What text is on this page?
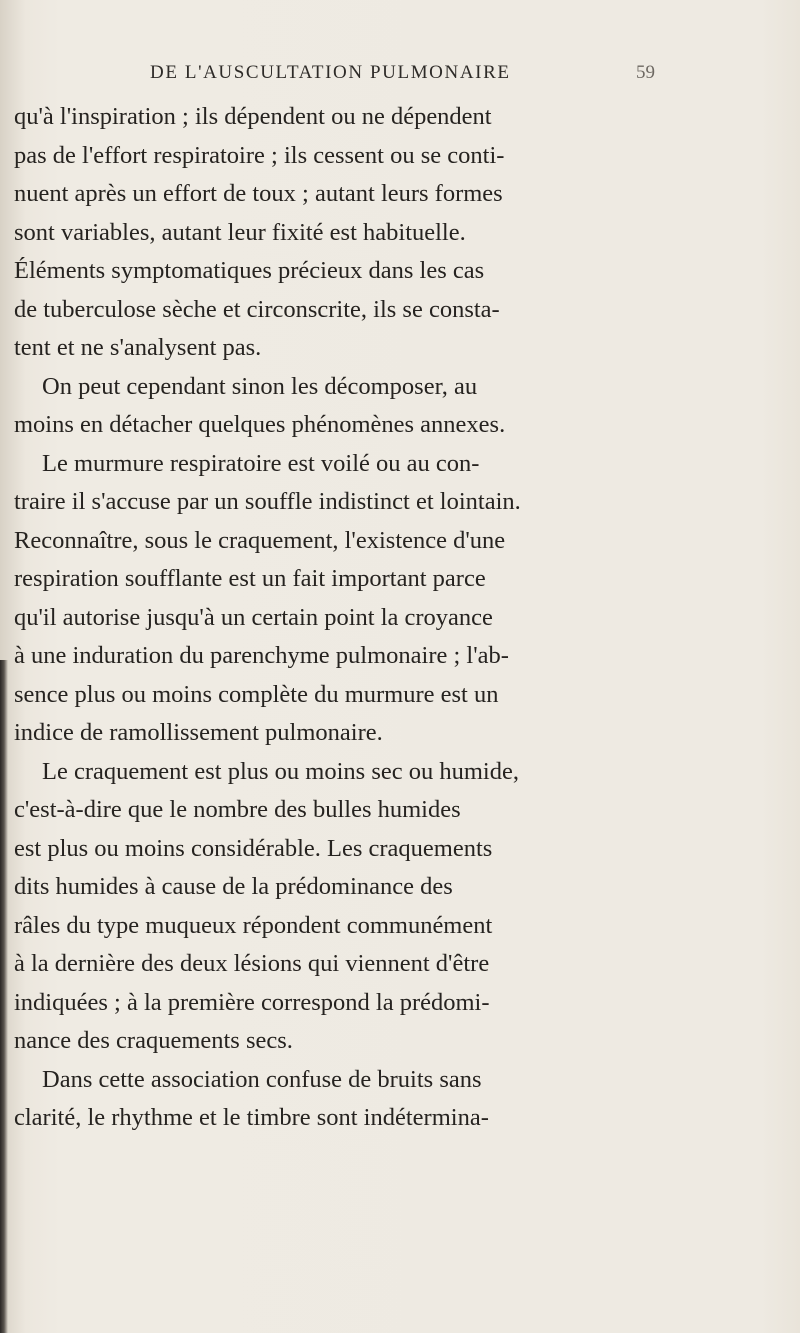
DE L'AUSCULTATION PULMONAIRE	59
qu'à l'inspiration ; ils dépendent ou ne dépendent
pas de l'effort respiratoire ; ils cessent ou se conti-
nuent après un effort de toux ; autant leurs formes
sont variables, autant leur fixité est habituelle.
Éléments symptomatiques précieux dans les cas
de tuberculose sèche et circonscrite, ils se consta-
tent et ne s'analysent pas.
On peut cependant sinon les décomposer, au
moins en détacher quelques phénomènes annexes.
Le murmure respiratoire est voilé ou au con-
traire il s'accuse par un souffle indistinct et lointain.
Reconnaître, sous le craquement, l'existence d'une
respiration soufflante est un fait important parce
qu'il autorise jusqu'à un certain point la croyance
à une induration du parenchyme pulmonaire ; l'ab-
sence plus ou moins complète du murmure est un
indice de ramollissement pulmonaire.
Le craquement est plus ou moins sec ou humide,
c'est-à-dire que le nombre des bulles humides
est plus ou moins considérable. Les craquements
dits humides à cause de la prédominance des
râles du type muqueux répondent communément
à la dernière des deux lésions qui viennent d'être
indiquées ; à la première correspond la prédomi-
nance des craquements secs.
Dans cette association confuse de bruits sans
clarité, le rhythme et le timbre sont indétermina-
